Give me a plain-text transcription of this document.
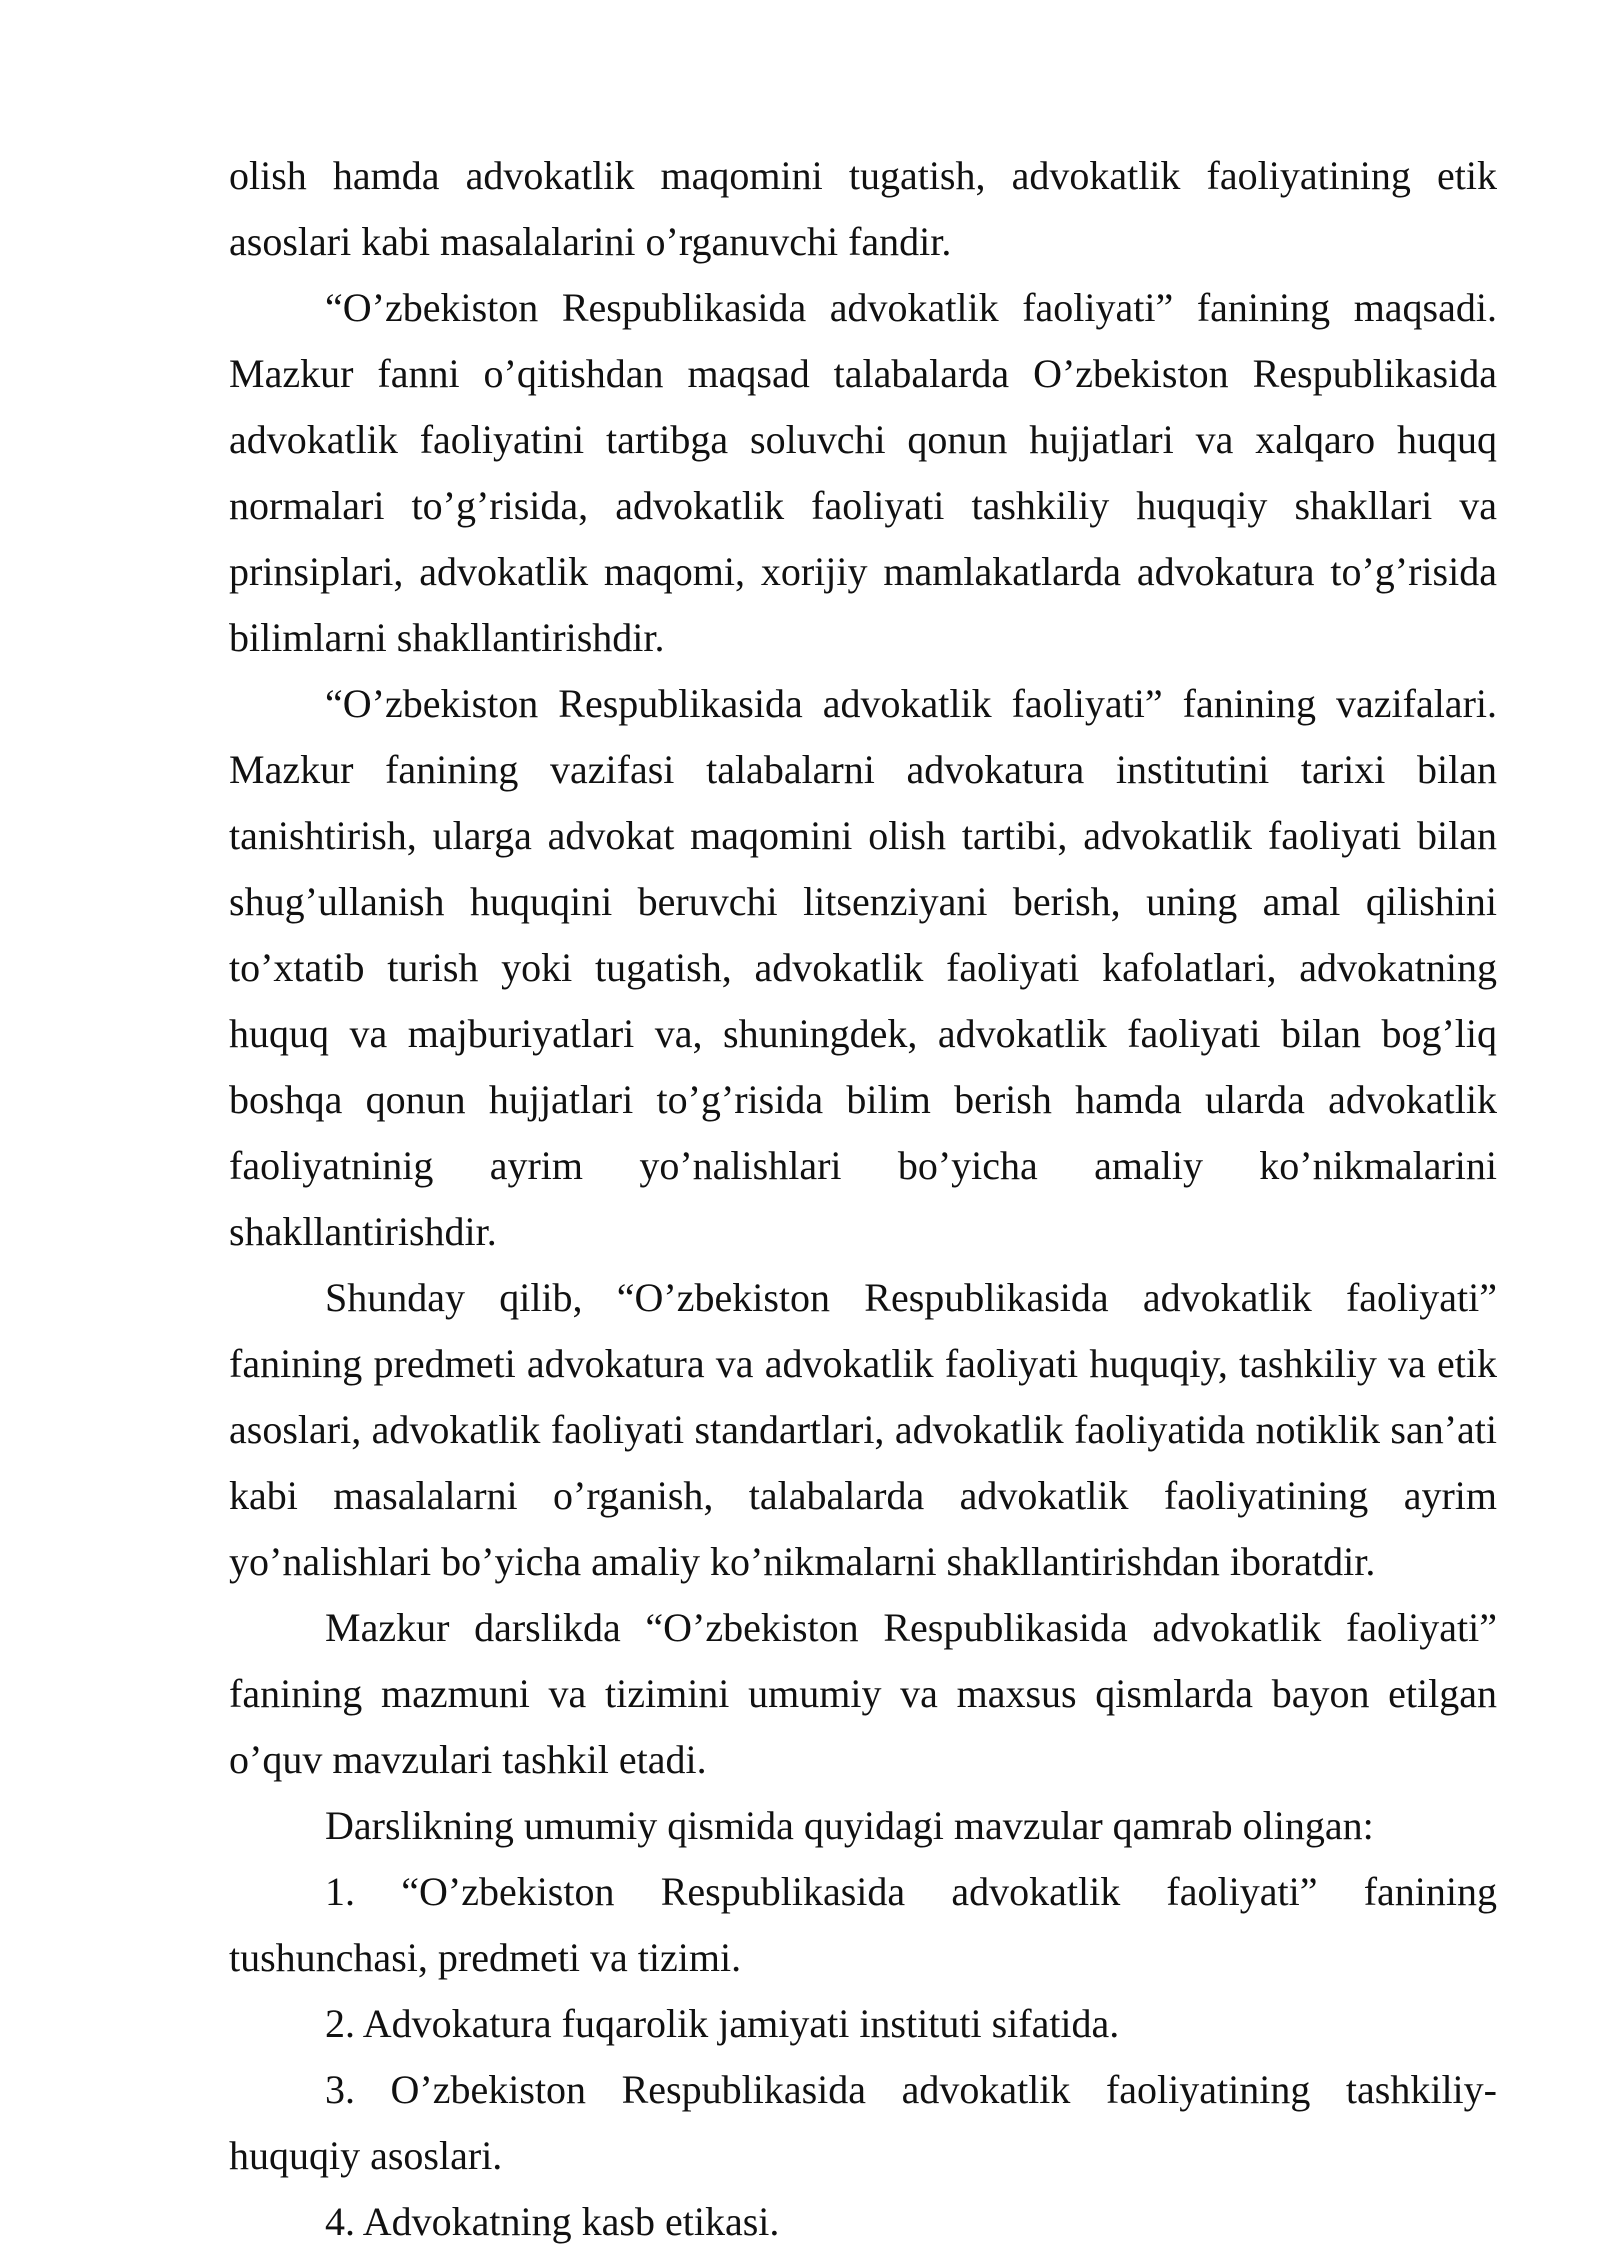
olish hamda advokatlik maqomini tugatish, advokatlik faoliyatining etik asoslari kabi masalalarini o’rganuvchi fandir.

“O’zbekiston Respublikasida advokatlik faoliyati” fanining maqsadi. Mazkur fanni o’qitishdan maqsad talabalarda O’zbekiston Respublikasida advokatlik faoliyatini tartibga soluvchi qonun hujjatlari va xalqaro huquq normalari to’g’risida, advokatlik faoliyati tashkiliy huquqiy shakllari va prinsiplari, advokatlik maqomi, xorijiy mamlakatlarda advokatura to’g’risida bilimlarni shakllantirishdir.

“O’zbekiston Respublikasida advokatlik faoliyati” fanining vazifalari. Mazkur fanining vazifasi talabalarni advokatura institutini tarixi bilan tanishtirish, ularga advokat maqomini olish tartibi, advokatlik faoliyati bilan shug’ullanish huquqini beruvchi litsenziyani berish, uning amal qilishini to’xtatib turish yoki tugatish, advokatlik faoliyati kafolatlari, advokatning huquq va majburiyatlari va, shuningdek, advokatlik faoliyati bilan bog’liq boshqa qonun hujjatlari to’g’risida bilim berish hamda ularda advokatlik faoliyatninig ayrim yo’nalishlari bo’yicha amaliy ko’nikmalarini shakllantirishdir.

Shunday qilib, “O’zbekiston Respublikasida advokatlik faoliyati” fanining predmeti advokatura va advokatlik faoliyati huquqiy, tashkiliy va etik asoslari, advokatlik faoliyati standartlari, advokatlik faoliyatida notiklik san’ati kabi masalalarni o’rganish, talabalarda advokatlik faoliyatining ayrim yo’nalishlari bo’yicha amaliy ko’nikmalarni shakllantirishdan iboratdir.

Mazkur darslikda “O’zbekiston Respublikasida advokatlik faoliyati” fanining mazmuni va tizimini umumiy va maxsus qismlarda bayon etilgan o’quv mavzulari tashkil etadi.

Darslikning umumiy qismida quyidagi mavzular qamrab olingan:

1. “O’zbekiston Respublikasida advokatlik faoliyati” fanining tushunchasi, predmeti va tizimi.

2. Advokatura fuqarolik jamiyati instituti sifatida.

3. O’zbekiston Respublikasida advokatlik faoliyatining tashkiliy-huquqiy asoslari.

4. Advokatning kasb etikasi.
